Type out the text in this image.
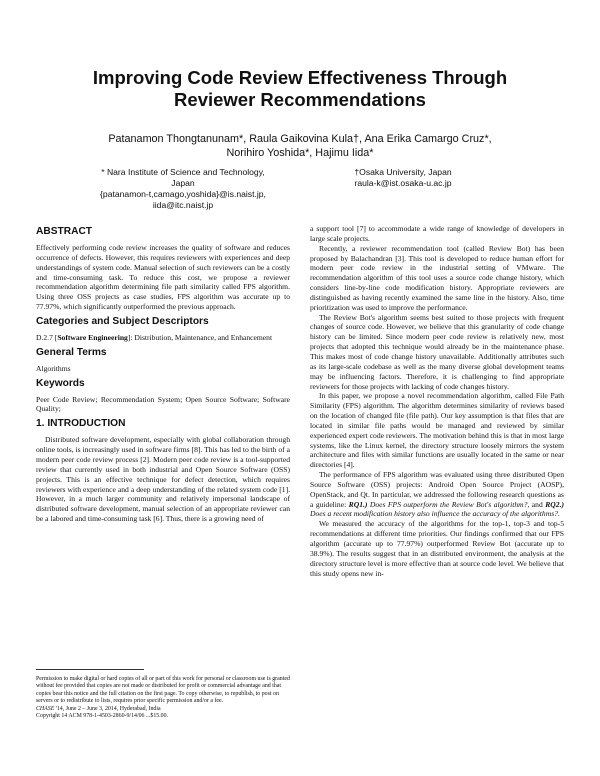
Improving Code Review Effectiveness Through
Reviewer Recommendations
Patanamon Thongtanunam*, Raula Gaikovina Kula†, Ana Erika Camargo Cruz*,
Norihiro Yoshida*, Hajimu Iida*
* Nara Institute of Science and Technology,
Japan
{patanamon-t,camago,yoshida}@is.naist.jp,
iida@itc.naist.jp
†Osaka University, Japan
raula-k@ist.osaka-u.ac.jp
ABSTRACT

Effectively performing code review increases the quality of software and reduces occurrence of defects. However, this requires reviewers with experiences and deep understandings of system code. Manual selection of such reviewers can be a costly and time-consuming task. To reduce this cost, we propose a reviewer recommendation algorithm determining file path similarity called FPS algorithm. Using three OSS projects as case studies, FPS algorithm was accurate up to 77.97%, which significantly outperformed the previous approach.

Categories and Subject Descriptors

D.2.7 [Software Engineering]: Distribution, Maintenance, and Enhancement

General Terms

Algorithms

Keywords

Peer Code Review; Recommendation System; Open Source Software; Software Quality;

1. INTRODUCTION

Distributed software development, especially with global collaboration through online tools, is increasingly used in software firms [8]. This has led to the birth of a modern peer code review process [2]. Modern peer code review is a tool-supported review that currently used in both industrial and Open Source Software (OSS) projects. This is an effective technique for defect detection, which requires reviewers with experience and a deep understanding of the related system code [1]. However, in a much larger community and relatively impersonal landscape of distributed software development, manual selection of an appropriate reviewer can be a labored and time-consuming task [6]. Thus, there is a growing need of

Permission to make digital or hard copies of all or part of this work for personal or classroom use is granted without fee provided that copies are not made or distributed for profit or commercial advantage and that copies bear this notice and the full citation on the first page. To copy otherwise, to republish, to post on servers or to redistribute to lists, requires prior specific permission and/or a fee.

CHASE '14, June 2 – June 3, 2014, Hyderabad, India

Copyright 14 ACM 978-1-4503-2860-9/14/06 ...$15.00.

a support tool [7] to accommodate a wide range of knowledge of developers in large scale projects.

Recently, a reviewer recommendation tool (called Review Bot) has been proposed by Balachandran [3]. This tool is developed to reduce human effort for modern peer code review in the industrial setting of VMware. The recommendation algorithm of this tool uses a source code change history, which considers line-by-line code modification history. Appropriate reviewers are distinguished as having recently examined the same line in the history. Also, time prioritization was used to improve the performance.

The Review Bot's algorithm seems best suited to those projects with frequent changes of source code. However, we believe that this granularity of code change history can be limited. Since modern peer code review is relatively new, most projects that adopted this technique would already be in the maintenance phase. This makes most of code change history unavailable. Additionally attributes such as its large-scale codebase as well as the many diverse global development teams may be influencing factors. Therefore, it is challenging to find appropriate reviewers for those projects with lacking of code changes history.

In this paper, we propose a novel recommendation algorithm, called File Path Similarity (FPS) algorithm. The algorithm determines similarity of reviews based on the location of changed file (file path). Our key assumption is that files that are located in similar file paths would be managed and reviewed by similar experienced expert code reviewers. The motivation behind this is that in most large systems, like the Linux kernel, the directory structure loosely mirrors the system architecture and files with similar functions are usually located in the same or near directories [4].

The performance of FPS algorithm was evaluated using three distributed Open Source Software (OSS) projects: Android Open Source Project (AOSP), OpenStack, and Qt. In particular, we addressed the following research questions as a guideline: RQ1.) Does FPS outperform the Review Bot's algorithm?, and RQ2.) Does a recent modification history also influence the accuracy of the algorithms?.

We measured the accuracy of the algorithms for the top-1, top-3 and top-5 recommendations at different time priorities. Our findings confirmed that our FPS algorithm (accurate up to 77.97%) outperformed Review Bot (accurate up to 38.9%). The results suggest that in an distributed environment, the analysis at the directory structure level is more effective than at source code level. We believe that this study opens new in-
